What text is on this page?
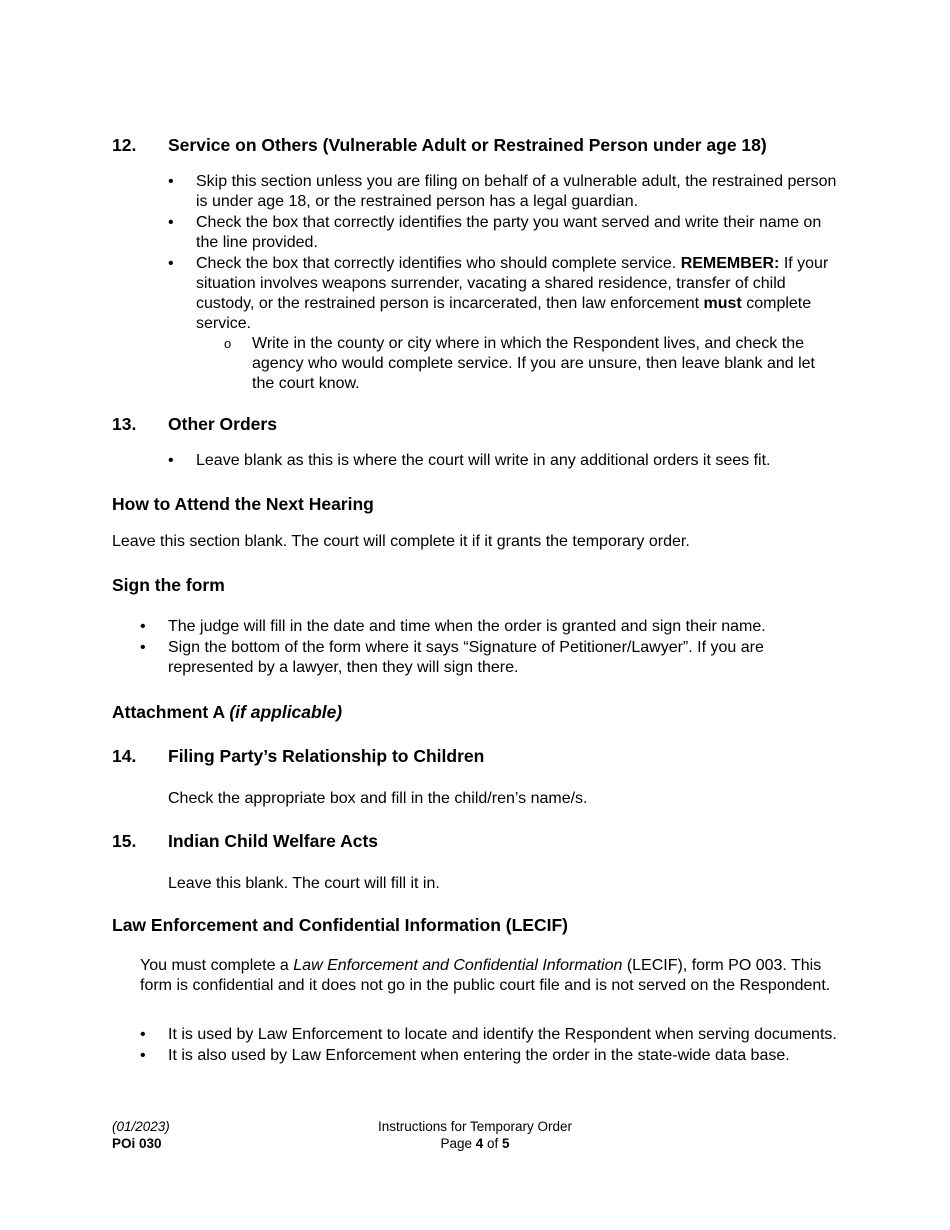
12. Service on Others (Vulnerable Adult or Restrained Person under age 18)
• Skip this section unless you are filing on behalf of a vulnerable adult, the restrained person is under age 18, or the restrained person has a legal guardian.
• Check the box that correctly identifies the party you want served and write their name on the line provided.
• Check the box that correctly identifies who should complete service. REMEMBER: If your situation involves weapons surrender, vacating a shared residence, transfer of child custody, or the restrained person is incarcerated, then law enforcement must complete service.
o Write in the county or city where in which the Respondent lives, and check the agency who would complete service. If you are unsure, then leave blank and let the court know.
13. Other Orders
• Leave blank as this is where the court will write in any additional orders it sees fit.
How to Attend the Next Hearing
Leave this section blank. The court will complete it if it grants the temporary order.
Sign the form
• The judge will fill in the date and time when the order is granted and sign their name.
• Sign the bottom of the form where it says “Signature of Petitioner/Lawyer”. If you are represented by a lawyer, then they will sign there.
Attachment A (if applicable)
14. Filing Party’s Relationship to Children
Check the appropriate box and fill in the child/ren’s name/s.
15. Indian Child Welfare Acts
Leave this blank. The court will fill it in.
Law Enforcement and Confidential Information (LECIF)
You must complete a Law Enforcement and Confidential Information (LECIF), form PO 003. This form is confidential and it does not go in the public court file and is not served on the Respondent.
• It is used by Law Enforcement to locate and identify the Respondent when serving documents.
• It is also used by Law Enforcement when entering the order in the state-wide data base.
(01/2023)
POi 030
Instructions for Temporary Order
Page 4 of 5
